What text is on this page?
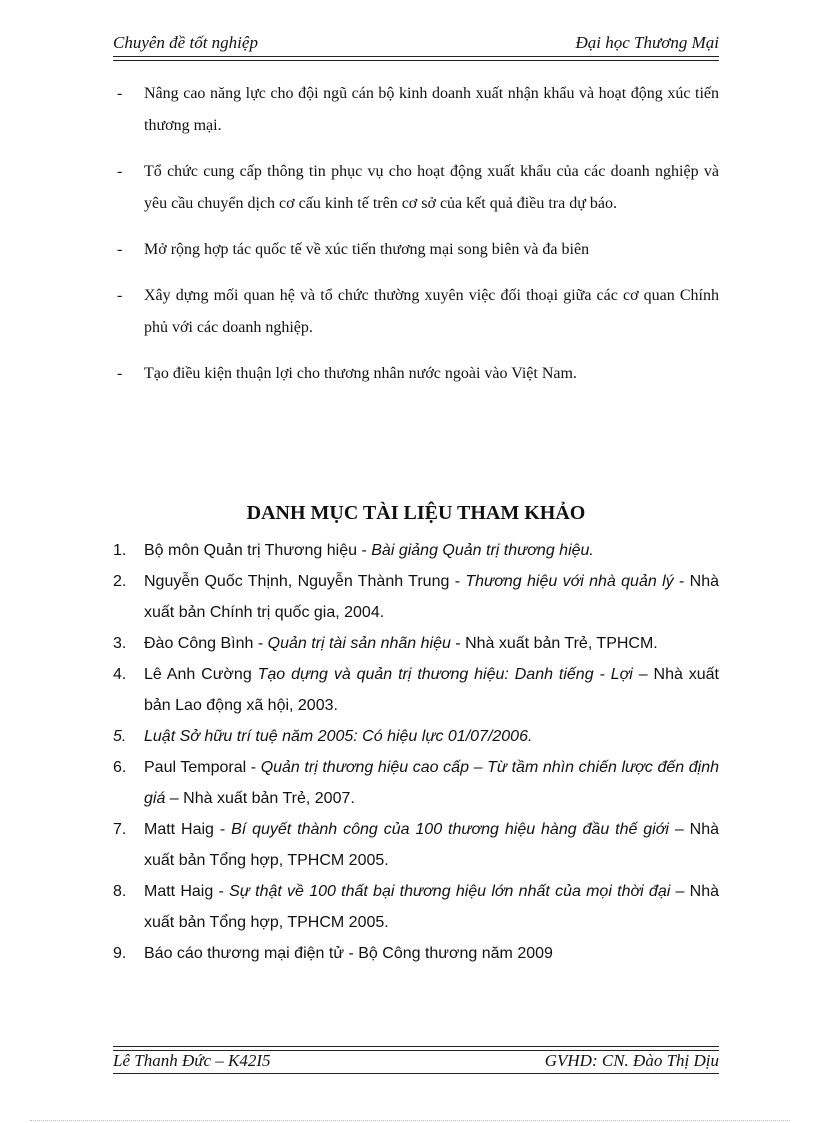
Chuyên đề tốt nghiệp	Đại học Thương Mại
- Nâng cao năng lực cho đội ngũ cán bộ kinh doanh xuất nhận khẩu và hoạt động xúc tiến thương mại.
- Tổ chức cung cấp thông tin phục vụ cho hoạt động xuất khẩu của các doanh nghiệp và yêu cầu chuyển dịch cơ cấu kinh tế trên cơ sở của kết quả điều tra dự báo.
- Mở rộng hợp tác quốc tế về xúc tiến thương mại song biên và đa biên
- Xây dựng mối quan hệ và tổ chức thường xuyên việc đối thoại giữa các cơ quan Chính phủ với các doanh nghiệp.
- Tạo điều kiện thuận lợi cho thương nhân nước ngoài vào Việt Nam.
DANH MỤC TÀI LIỆU THAM KHẢO
1. Bộ môn Quản trị Thương hiệu - Bài giảng Quản trị thương hiệu.
2. Nguyễn Quốc Thịnh, Nguyễn Thành Trung - Thương hiệu với nhà quản lý - Nhà xuất bản Chính trị quốc gia, 2004.
3. Đào Công Bình - Quản trị tài sản nhãn hiệu - Nhà xuất bản Trẻ, TPHCM.
4. Lê Anh Cường Tạo dựng và quản trị thương hiệu: Danh tiếng - Lợi – Nhà xuất bản Lao động xã hội, 2003.
5. Luật Sở hữu trí tuệ năm 2005: Có hiệu lực 01/07/2006.
6. Paul Temporal - Quản trị thương hiệu cao cấp – Từ tầm nhìn chiến lược đến định giá – Nhà xuất bản Trẻ, 2007.
7. Matt Haig - Bí quyết thành công của 100 thương hiệu hàng đầu thế giới – Nhà xuất bản Tổng hợp, TPHCM 2005.
8. Matt Haig - Sự thật về 100 thất bại thương hiệu lớn nhất của mọi thời đại – Nhà xuất bản Tổng hợp, TPHCM 2005.
9. Báo cáo thương mại điện tử - Bộ Công thương năm 2009
Lê Thanh Đức – K42I5	GVHD: CN. Đào Thị Dịu
